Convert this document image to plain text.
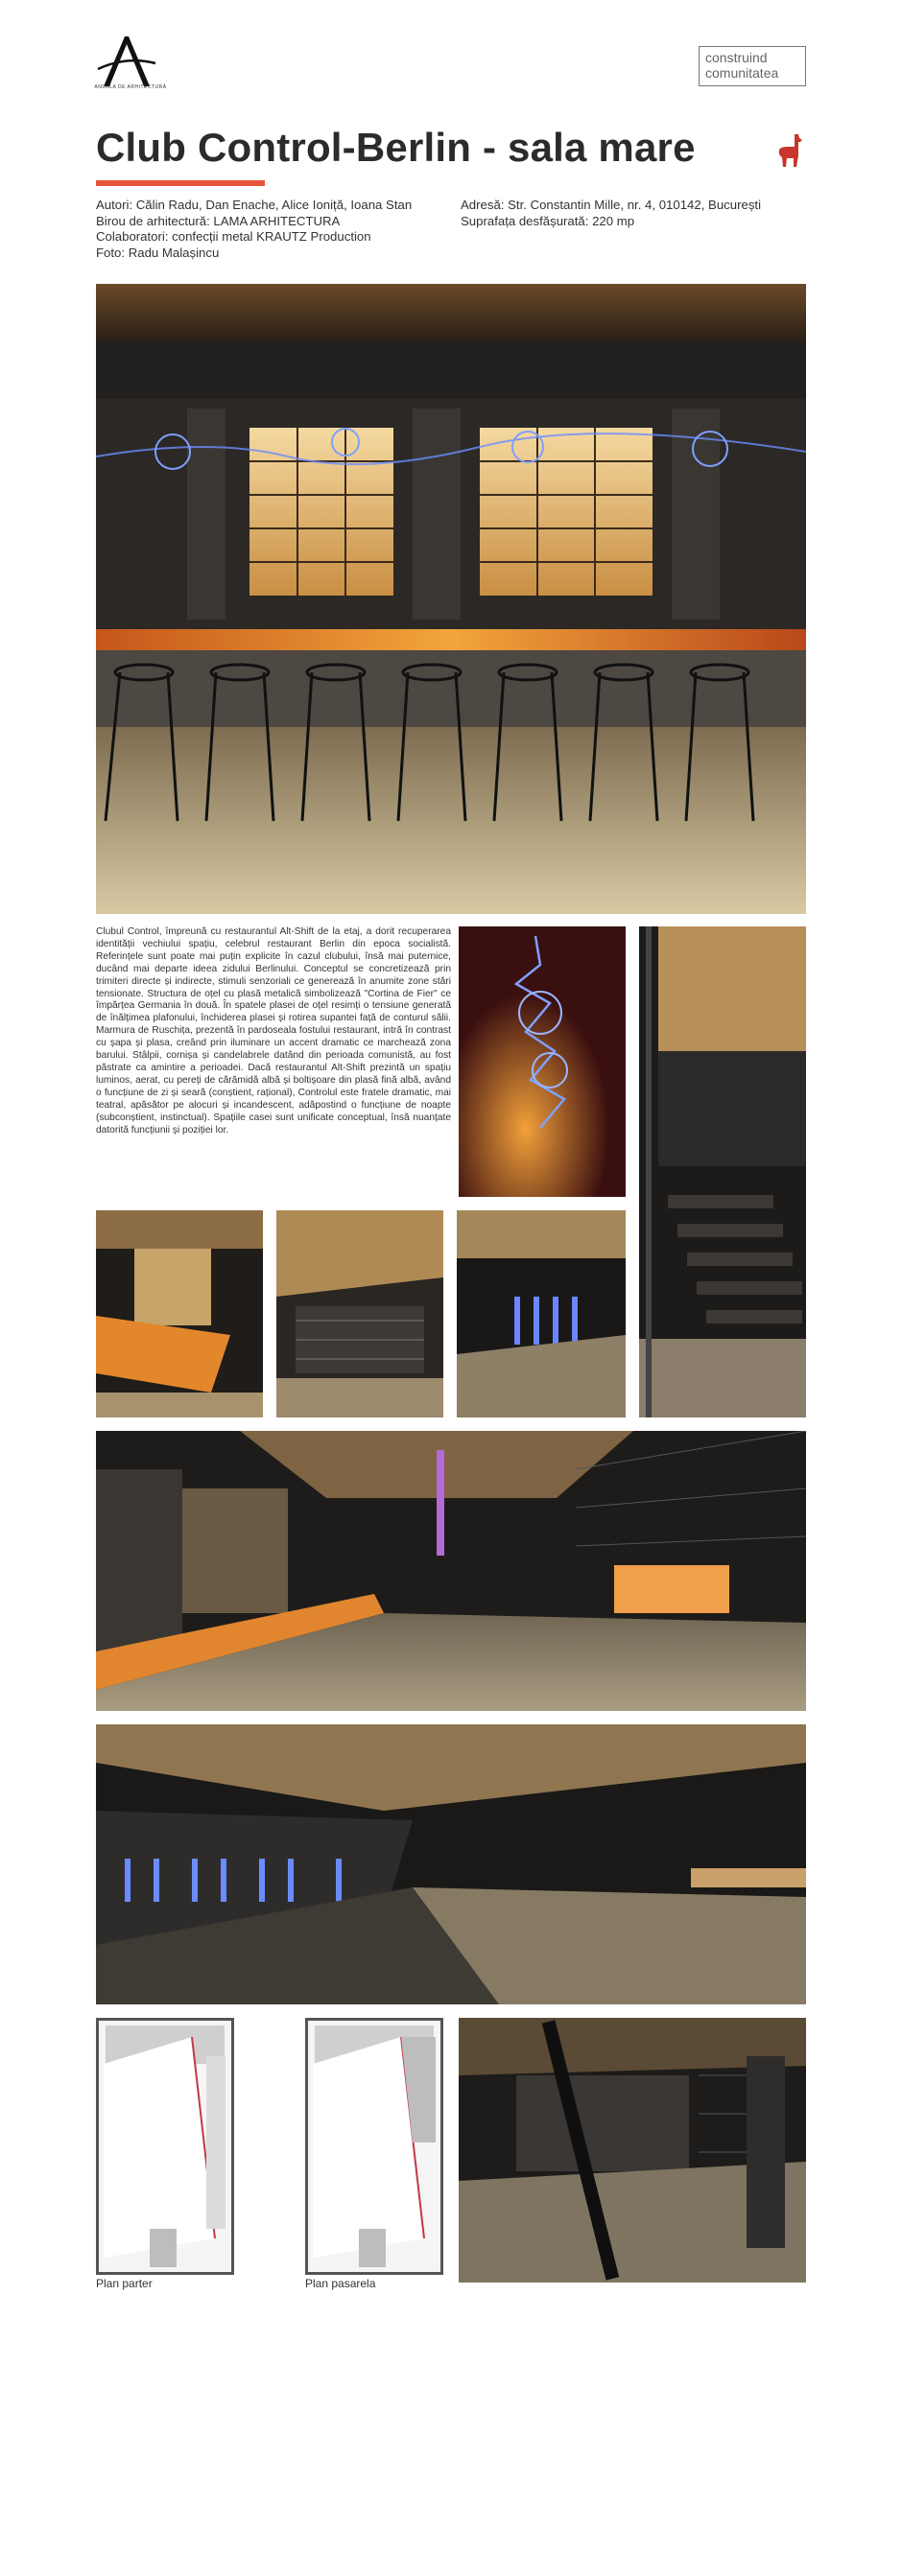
ANUALA DE ARHITECTURĂ
construind
comunitatea
Club Control-Berlin - sala mare
Autori: Călin Radu, Dan Enache, Alice Ioniță, Ioana Stan
Birou de arhitectură: LAMA ARHITECTURA
Colaboratori: confecții metal KRAUTZ Production
Foto: Radu Malașincu
Adresă: Str. Constantin Mille, nr. 4, 010142, București
Suprafața desfășurată: 220 mp
Clubul Control, împreună cu restaurantul Alt-Shift de la etaj, a dorit recuperarea identității vechiului spațiu, celebrul restaurant Berlin din epoca socialistă. Referințele sunt poate mai puțin explicite în cazul clubului, însă mai puternice, ducând mai departe ideea zidului Berlinului. Conceptul se concretizează prin trimiteri directe și indirecte, stimuli senzoriali ce generează în anumite zone stări tensionate. Structura de oțel cu plasă metalică simbolizează "Cortina de Fier" ce împărțea Germania în două. În spatele plasei de oțel resimți o tensiune generată de înălțimea plafonului, închiderea plasei și rotirea supantei față de conturul sălii. Marmura de Ruschița, prezentă în pardoseala fostului restaurant, intră în contrast cu șapa și plasa, creând prin iluminare un accent dramatic ce marchează zona barului. Stâlpii, cornișa și candelabrele datând din perioada comunistă, au fost păstrate ca amintire a perioadei. Dacă restaurantul Alt-Shift prezintă un spațiu luminos, aerat, cu pereți de cărămidă albă și boltișoare din plasă fină albă, având o funcțiune de zi și seară (conștient, rațional), Controlul este fratele dramatic, mai teatral, apăsător pe alocuri și incandescent, adăpostind o funcțiune de noapte (subconștient, instinctual). Spațiile casei sunt unificate conceptual, însă nuanțate datorită funcțiunii și poziției lor.
Plan parter	Plan pasarela
